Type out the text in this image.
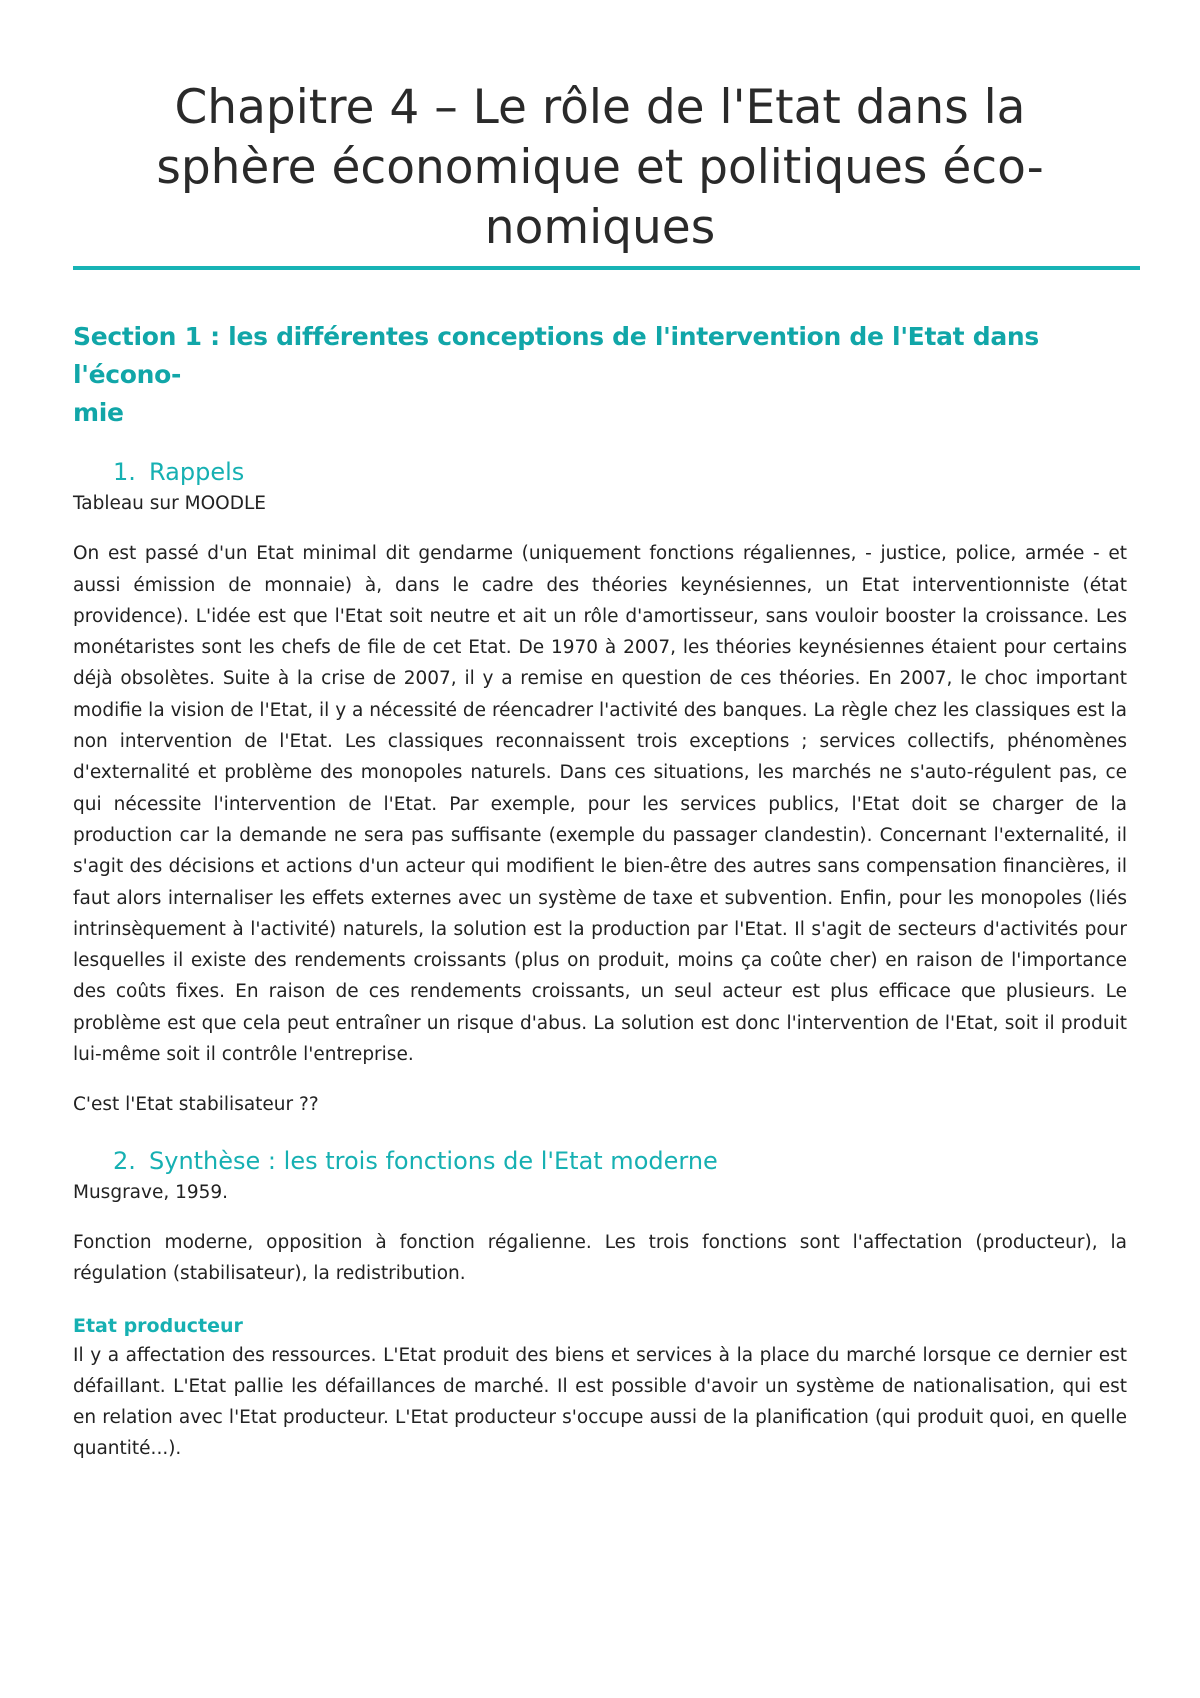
Chapitre 4 – Le rôle de l'Etat dans la
sphère économique et politiques éco-
nomiques
Section 1 : les différentes conceptions de l'intervention de l'Etat dans l'écono-
mie
1. Rappels

Tableau sur MOODLE

On est passé d'un Etat minimal dit gendarme (uniquement fonctions régaliennes, - justice, police, armée - et aussi émission de monnaie) à, dans le cadre des théories keynésiennes, un Etat interventionniste (état providence). L'idée est que l'Etat soit neutre et ait un rôle d'amortisseur, sans vouloir booster la croissance. Les monétaristes sont les chefs de file de cet Etat. De 1970 à 2007, les théories keynésiennes étaient pour certains déjà obsolètes. Suite à la crise de 2007, il y a remise en question de ces théories. En 2007, le choc important modifie la vision de l'Etat, il y a nécessité de réencadrer l'activité des banques. La règle chez les classiques est la non intervention de l'Etat. Les classiques reconnaissent trois exceptions ; services collectifs, phénomènes d'externalité et problème des monopoles naturels. Dans ces situations, les marchés ne s'auto-régulent pas, ce qui nécessite l'intervention de l'Etat. Par exemple, pour les services publics, l'Etat doit se charger de la production car la demande ne sera pas suffisante (exemple du passager clandestin). Concernant l'externalité, il s'agit des décisions et actions d'un acteur qui modifient le bien-être des autres sans compensation financières, il faut alors internaliser les effets externes avec un système de taxe et subvention. Enfin, pour les monopoles (liés intrinsèquement à l'activité) naturels, la solution est la production par l'Etat. Il s'agit de secteurs d'activités pour lesquelles il existe des rendements croissants (plus on produit, moins ça coûte cher) en raison de l'importance des coûts fixes. En raison de ces rendements croissants, un seul acteur est plus efficace que plusieurs. Le problème est que cela peut entraîner un risque d'abus. La solution est donc l'intervention de l'Etat, soit il produit lui-même soit il contrôle l'entreprise.

C'est l'Etat stabilisateur ??

2. Synthèse : les trois fonctions de l'Etat moderne

Musgrave, 1959.

Fonction moderne, opposition à fonction régalienne. Les trois fonctions sont l'affectation (producteur), la régulation (stabilisateur), la redistribution.

Etat producteur

Il y a affectation des ressources. L'Etat produit des biens et services à la place du marché lorsque ce dernier est défaillant. L'Etat pallie les défaillances de marché. Il est possible d'avoir un système de nationalisation, qui est en relation avec l'Etat producteur. L'Etat producteur s'occupe aussi de la planification (qui produit quoi, en quelle quantité...).
